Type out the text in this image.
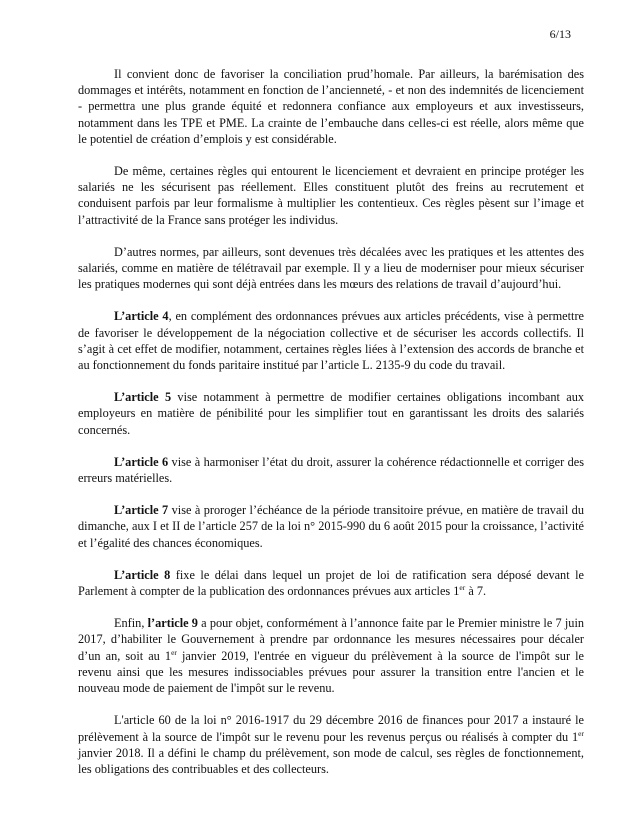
6/13

Il convient donc de favoriser la conciliation prud’homale. Par ailleurs, la barémisation des dommages et intérêts, notamment en fonction de l’ancienneté, - et non des indemnités de licenciement - permettra une plus grande équité et redonnera confiance aux employeurs et aux investisseurs, notamment dans les TPE et PME. La crainte de l’embauche dans celles-ci est réelle, alors même que le potentiel de création d’emplois y est considérable.

De même, certaines règles qui entourent le licenciement et devraient en principe protéger les salariés ne les sécurisent pas réellement. Elles constituent plutôt des freins au recrutement et conduisent parfois par leur formalisme à multiplier les contentieux. Ces règles pèsent sur l’image et l’attractivité de la France sans protéger les individus.

D’autres normes, par ailleurs, sont devenues très décalées avec les pratiques et les attentes des salariés, comme en matière de télétravail par exemple. Il y a lieu de moderniser pour mieux sécuriser les pratiques modernes qui sont déjà entrées dans les mœurs des relations de travail d’aujourd’hui.

L’article 4, en complément des ordonnances prévues aux articles précédents, vise à permettre de favoriser le développement de la négociation collective et de sécuriser les accords collectifs. Il s’agit à cet effet de modifier, notamment, certaines règles liées à l’extension des accords de branche et au fonctionnement du fonds paritaire institué par l’article L. 2135-9 du code du travail.

L’article 5 vise notamment à permettre de modifier certaines obligations incombant aux employeurs en matière de pénibilité pour les simplifier tout en garantissant les droits des salariés concernés.

L’article 6 vise à harmoniser l’état du droit, assurer la cohérence rédactionnelle et corriger des erreurs matérielles.

L’article 7 vise à proroger l’échéance de la période transitoire prévue, en matière de travail du dimanche, aux I et II de l’article 257 de la loi n° 2015-990 du 6 août 2015 pour la croissance, l’activité et l’égalité des chances économiques.

L’article 8 fixe le délai dans lequel un projet de loi de ratification sera déposé devant le Parlement à compter de la publication des ordonnances prévues aux articles 1er à 7.

Enfin, l’article 9 a pour objet, conformément à l’annonce faite par le Premier ministre le 7 juin 2017, d’habiliter le Gouvernement à prendre par ordonnance les mesures nécessaires pour décaler d’un an, soit au 1er janvier 2019, l'entrée en vigueur du prélèvement à la source de l'impôt sur le revenu ainsi que les mesures indissociables prévues pour assurer la transition entre l'ancien et le nouveau mode de paiement de l'impôt sur le revenu.

L'article 60 de la loi n° 2016-1917 du 29 décembre 2016 de finances pour 2017 a instauré le prélèvement à la source de l'impôt sur le revenu pour les revenus perçus ou réalisés à compter du 1er janvier 2018. Il a défini le champ du prélèvement, son mode de calcul, ses règles de fonctionnement, les obligations des contribuables et des collecteurs.
